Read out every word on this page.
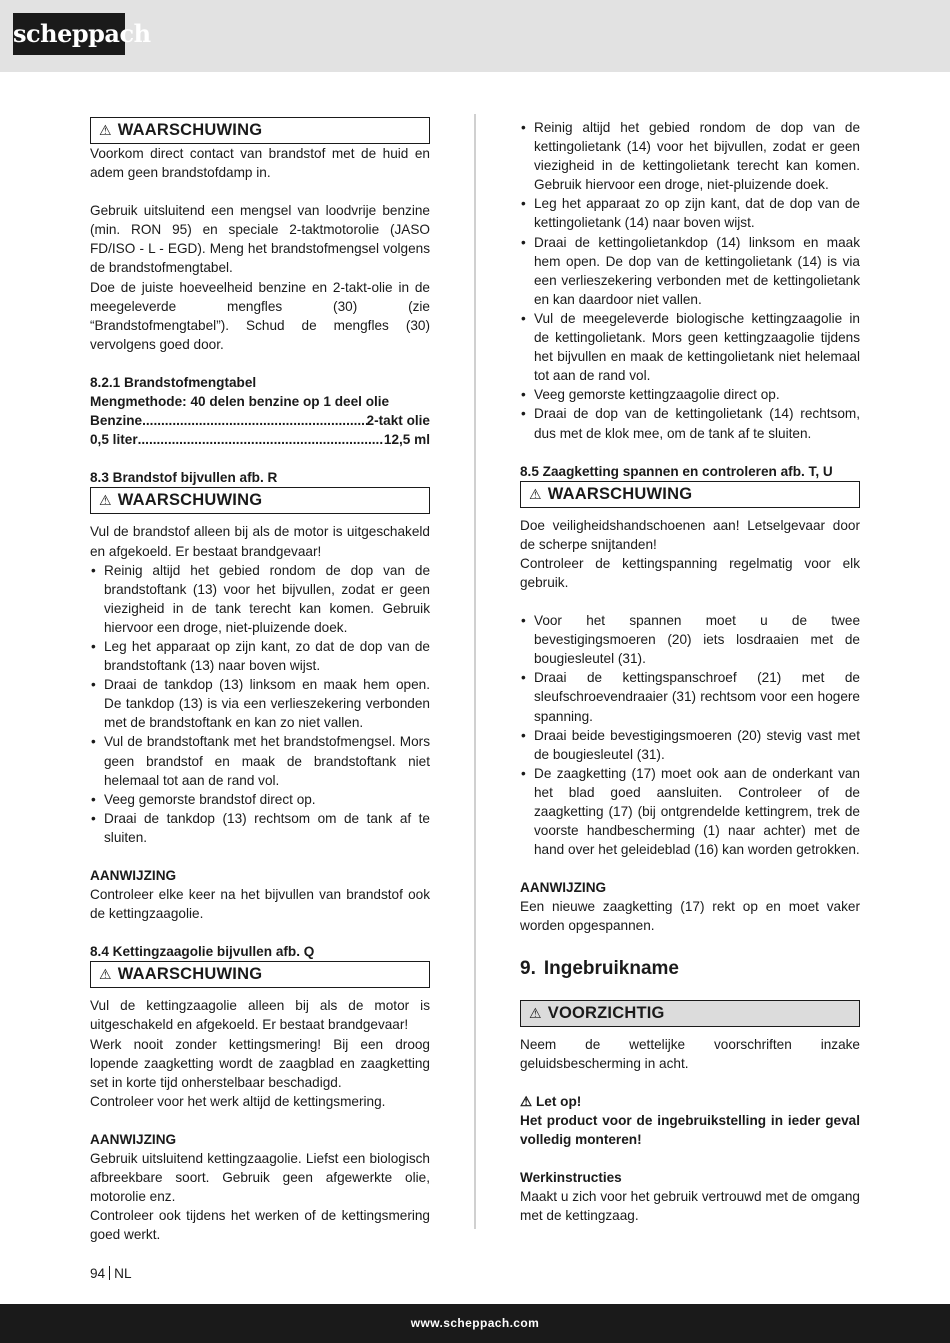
scheppach
⚠ WAARSCHUWING

Voorkom direct contact van brandstof met de huid en adem geen brandstofdamp in.

Gebruik uitsluitend een mengsel van loodvrije benzine (min. RON 95) en speciale 2-taktmotorolie (JASO FD/ISO - L - EGD). Meng het brandstofmengsel volgens de brandstofmengtabel.

Doe de juiste hoeveelheid benzine en 2-takt-olie in de meegeleverde mengfles (30) (zie “Brandstofmengtabel”). Schud de mengfles (30) vervolgens goed door.

8.2.1 Brandstofmengtabel

Mengmethode: 40 delen benzine op 1 deel olie

Benzine .....	2-takt olie
0,5 liter .....	12,5 ml

8.3 Brandstof bijvullen afb. R

⚠ WAARSCHUWING

Vul de brandstof alleen bij als de motor is uitgeschakeld en afgekoeld. Er bestaat brandgevaar!

• Reinig altijd het gebied rondom de dop van de brandstoftank (13) voor het bijvullen, zodat er geen viezigheid in de tank terecht kan komen. Gebruik hiervoor een droge, niet-pluizende doek.
• Leg het apparaat op zijn kant, zo dat de dop van de brandstoftank (13) naar boven wijst.
• Draai de tankdop (13) linksom en maak hem open. De tankdop (13) is via een verlieszekering verbonden met de brandstoftank en kan zo niet vallen.
• Vul de brandstoftank met het brandstofmengsel. Mors geen brandstof en maak de brandstoftank niet helemaal tot aan de rand vol.
• Veeg gemorste brandstof direct op.
• Draai de tankdop (13) rechtsom om de tank af te sluiten.

AANWIJZING

Controleer elke keer na het bijvullen van brandstof ook de kettingzaagolie.

8.4 Kettingzaagolie bijvullen afb. Q

⚠ WAARSCHUWING

Vul de kettingzaagolie alleen bij als de motor is uitgeschakeld en afgekoeld. Er bestaat brandgevaar!

Werk nooit zonder kettingsmering! Bij een droog lopende zaagketting wordt de zaagblad en zaagketting set in korte tijd onherstelbaar beschadigd.

Controleer voor het werk altijd de kettingsmering.

AANWIJZING

Gebruik uitsluitend kettingzaagolie. Liefst een biologisch afbreekbare soort. Gebruik geen afgewerkte olie, motorolie enz.

Controleer ook tijdens het werken of de kettingsmering goed werkt.

• Reinig altijd het gebied rondom de dop van de kettingolietank (14) voor het bijvullen, zodat er geen viezigheid in de kettingolietank terecht kan komen. Gebruik hiervoor een droge, niet-pluizende doek.
• Leg het apparaat zo op zijn kant, dat de dop van de kettingolietank (14) naar boven wijst.
• Draai de kettingolietankdop (14) linksom en maak hem open. De dop van de kettingolietank (14) is via een verlieszekering verbonden met de kettingolietank en kan daardoor niet vallen.
• Vul de meegeleverde biologische kettingzaagolie in de kettingolietank. Mors geen kettingzaagolie tijdens het bijvullen en maak de kettingolietank niet helemaal tot aan de rand vol.
• Veeg gemorste kettingzaagolie direct op.
• Draai de dop van de kettingolietank (14) rechtsom, dus met de klok mee, om de tank af te sluiten.

8.5 Zaagketting spannen en controleren afb. T, U

⚠ WAARSCHUWING

Doe veiligheidshandschoenen aan! Letselgevaar door de scherpe snijtanden!

Controleer de kettingspanning regelmatig voor elk gebruik.

• Voor het spannen moet u de twee bevestigingsmoeren (20) iets losdraaien met de bougiesleutel (31).
• Draai de kettingspanschroef (21) met de sleufschroevendraaier (31) rechtsom voor een hogere spanning.
• Draai beide bevestigingsmoeren (20) stevig vast met de bougiesleutel (31).
• De zaagketting (17) moet ook aan de onderkant van het blad goed aansluiten. Controleer of de zaagketting (17) (bij ontgrendelde kettingrem, trek de voorste handbescherming (1) naar achter) met de hand over het geleideblad (16) kan worden getrokken.

AANWIJZING

Een nieuwe zaagketting (17) rekt op en moet vaker worden opgespannen.

9. Ingebruikname
⚠ VOORZICHTIG

Neem de wettelijke voorschriften inzake geluidsbescherming in acht.

⚠ Let op!

Het product voor de ingebruikstelling in ieder geval volledig monteren!

Werkinstructies

Maakt u zich voor het gebruik vertrouwd met de omgang met de kettingzaag.

94 NL
www.scheppach.com
